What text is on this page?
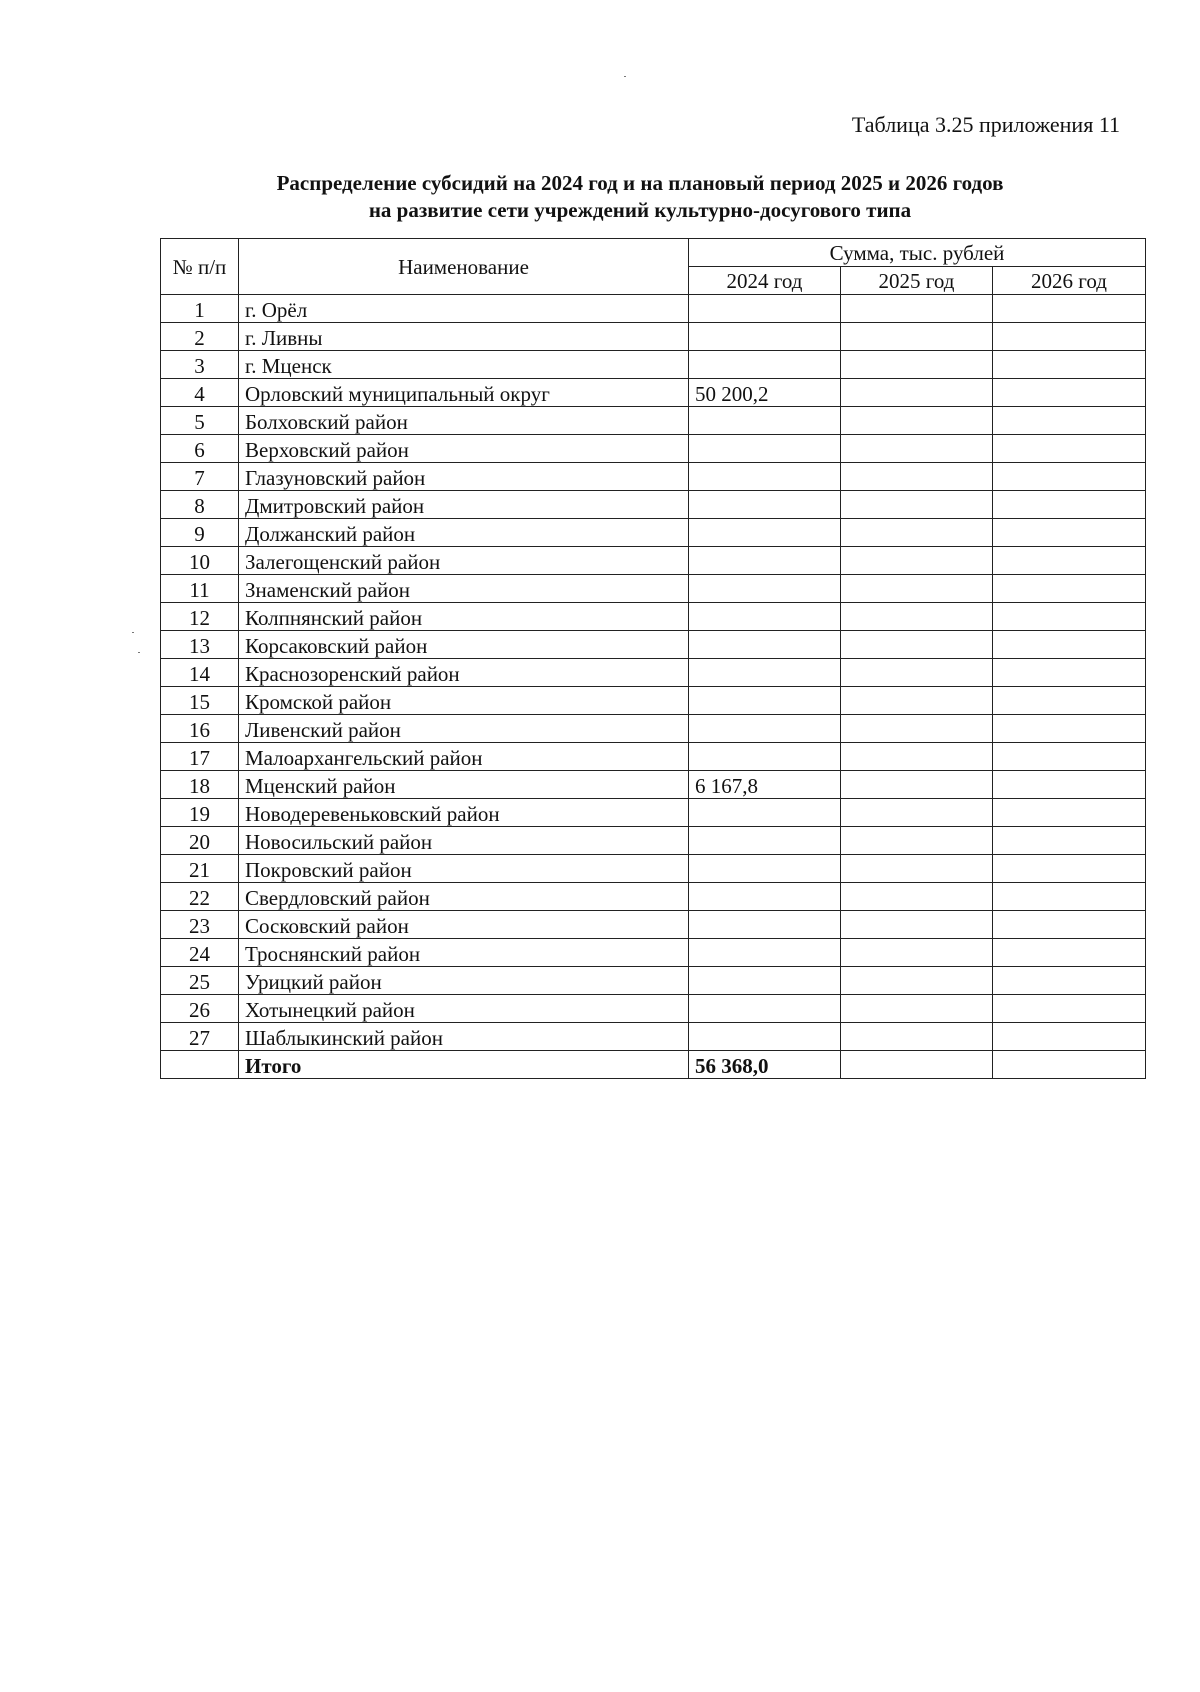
Таблица 3.25 приложения 11
Распределение субсидий на 2024 год и на плановый период 2025 и 2026 годов
на развитие сети учреждений культурно-досугового типа
№ п/п	Наименование	Сумма, тыс. рублей		
		2024 год	2025 год	2026 год
1	г. Орёл			
2	г. Ливны			
3	г. Мценск			
4	Орловский муниципальный округ	50 200,2		
5	Болховский район			
6	Верховский район			
7	Глазуновский район			
8	Дмитровский район			
9	Должанский район			
10	Залегощенский район			
11	Знаменский район			
12	Колпнянский район			
13	Корсаковский район			
14	Краснозоренский район			
15	Кромской район			
16	Ливенский район			
17	Малоархангельский район			
18	Мценский район	6 167,8		
19	Новодеревеньковский район			
20	Новосильский район			
21	Покровский район			
22	Свердловский район			
23	Сосковский район			
24	Троснянский район			
25	Урицкий район			
26	Хотынецкий район			
27	Шаблыкинский район			
	Итого	56 368,0		
